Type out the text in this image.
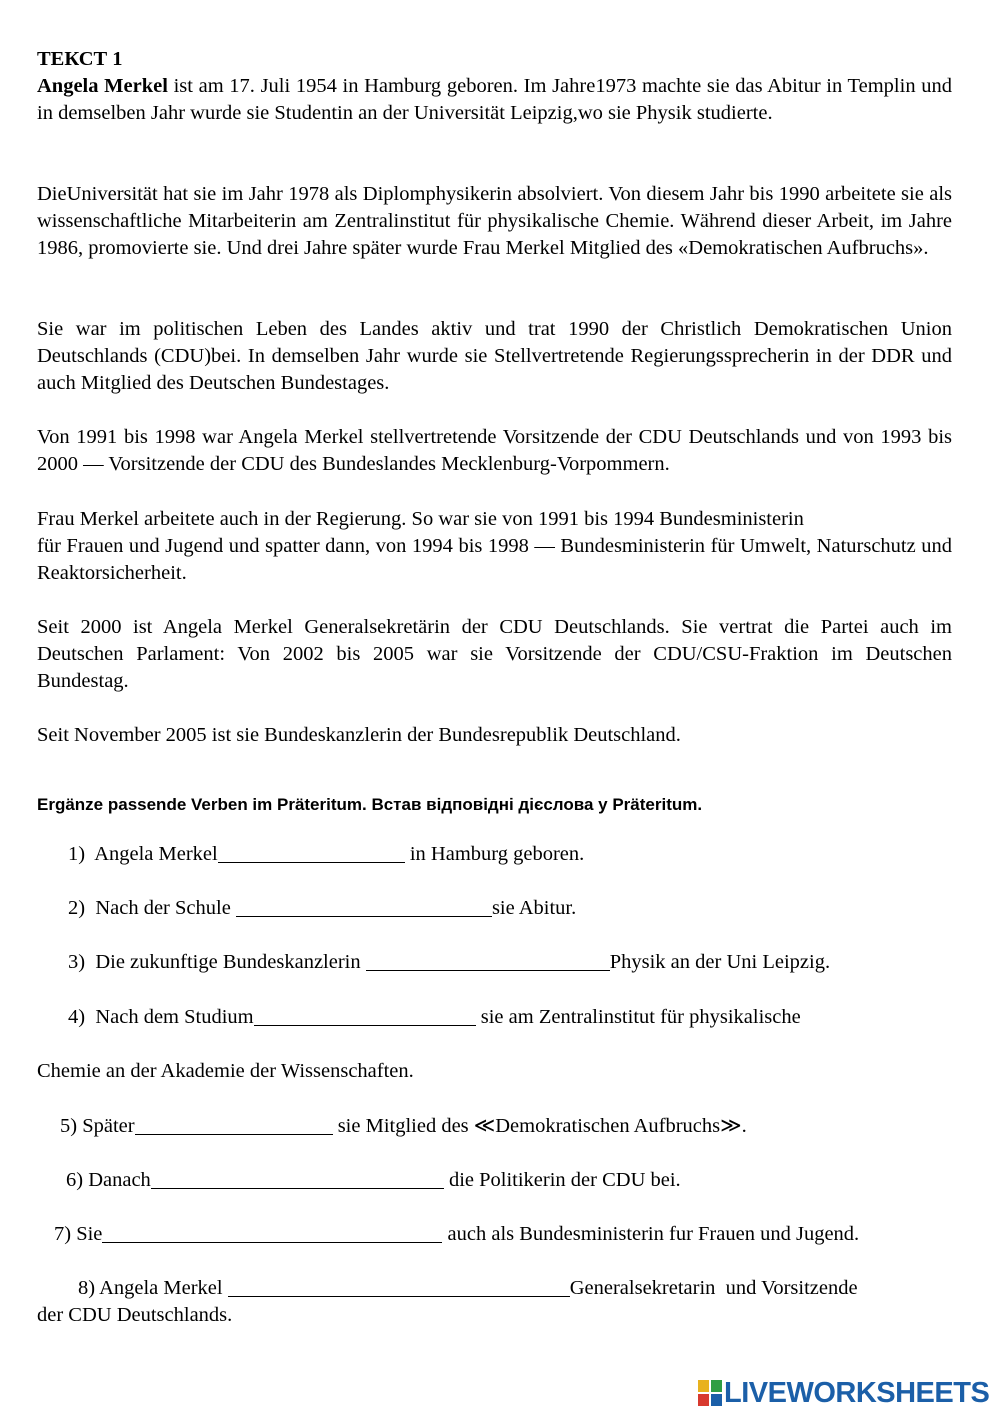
ТЕКСТ 1

Angela Merkel ist am 17. Juli 1954 in Hamburg geboren. Im Jahre1973 machte sie das Abitur in Templin und in demselben Jahr wurde sie Studentin an der Universität Leipzig,wo sie Physik studierte.

DieUniversität hat sie im Jahr 1978 als Diplomphysikerin absolviert. Von diesem Jahr bis 1990 arbeitete sie als wissenschaftliche Mitarbeiterin am Zentralinstitut für physikalische Chemie. Während dieser Arbeit, im Jahre 1986, promovierte sie. Und drei Jahre später wurde Frau Merkel Mitglied des «Demokratischen Aufbruchs».

Sie war im politischen Leben des Landes aktiv und trat 1990 der Christlich Demokratischen Union Deutschlands (CDU)bei. In demselben Jahr wurde sie Stellvertretende Regierungssprecherin in der DDR und auch Mitglied des Deutschen Bundestages.

Von 1991 bis 1998 war Angela Merkel stellvertretende Vorsitzende der CDU Deutschlands und von 1993 bis 2000 — Vorsitzende der CDU des Bundeslandes Mecklenburg-Vorpommern.

Frau Merkel arbeitete auch in der Regierung. So war sie von 1991 bis 1994 Bundesministerin

für Frauen und Jugend und spatter dann, von 1994 bis 1998 — Bundesministerin für Umwelt, Naturschutz und Reaktorsicherheit.

Seit 2000 ist Angela Merkel Generalsekretärin der CDU Deutschlands. Sie vertrat die Partei auch im Deutschen Parlament: Von 2002 bis 2005 war sie Vorsitzende der CDU/CSU-Fraktion im Deutschen Bundestag.

Seit November 2005 ist sie Bundeskanzlerin der Bundesrepublik Deutschland.

Ergänze passende Verben im Präteritum. Встав відповідні дієслова у Präteritum.
1)  Angela Merkel	in Hamburg geboren.
2)  Nach der Schule	sie Abitur.
3)  Die zukunftige Bundeskanzlerin	Physik an der Uni Leipzig.
4)  Nach dem Studium	sie am Zentralinstitut für physikalische
Chemie an der Akademie der Wissenschaften.
5) Später	sie Mitglied des ≪Demokratischen Aufbruchs≫.
6) Danach	die Politikerin der CDU bei.
7) Sie	auch als Bundesministerin fur Frauen und Jugend.
8) Angela Merkel	Generalsekretarin  und Vorsitzende
der CDU Deutschlands.
LIVEWORKSHEETS
